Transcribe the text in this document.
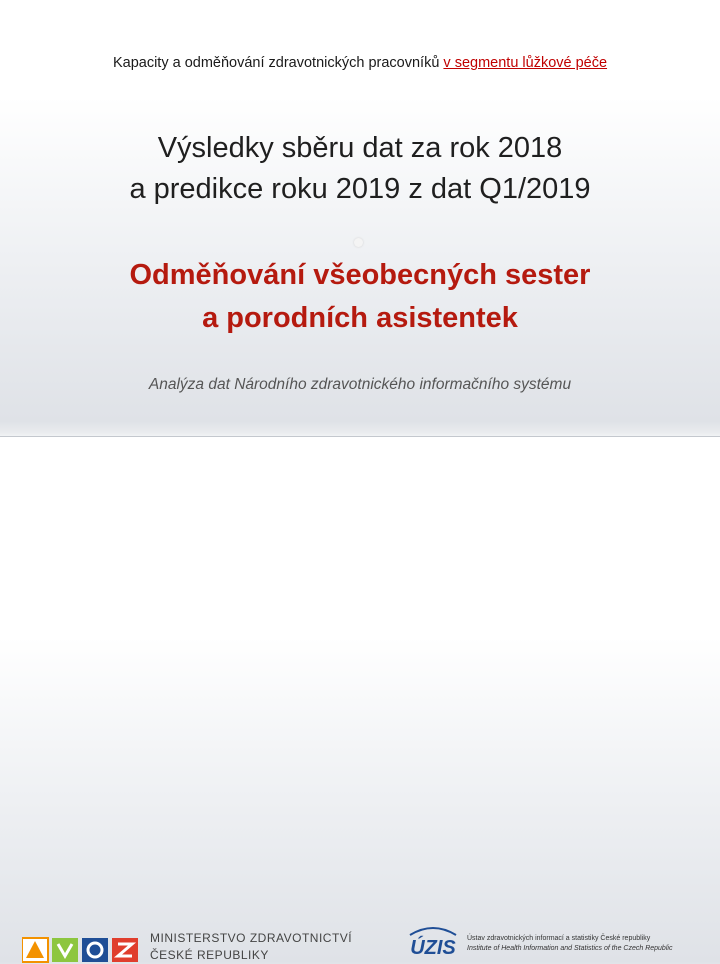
Kapacity a odměňování zdravotnických pracovníků v segmentu lůžkové péče
Výsledky sběru dat za rok 2018
a predikce roku 2019 z dat Q1/2019
Odměňování všeobecných sester
a porodních asistentek
Analýza dat Národního zdravotnického informačního systému
MINISTERSTVO ZDRAVOTNICTVÍ
ČESKÉ REPUBLIKY	ÚZIS Ústav zdravotnických informací a statistiky České republiky
Institute of Health Information and Statistics of the Czech Republic
